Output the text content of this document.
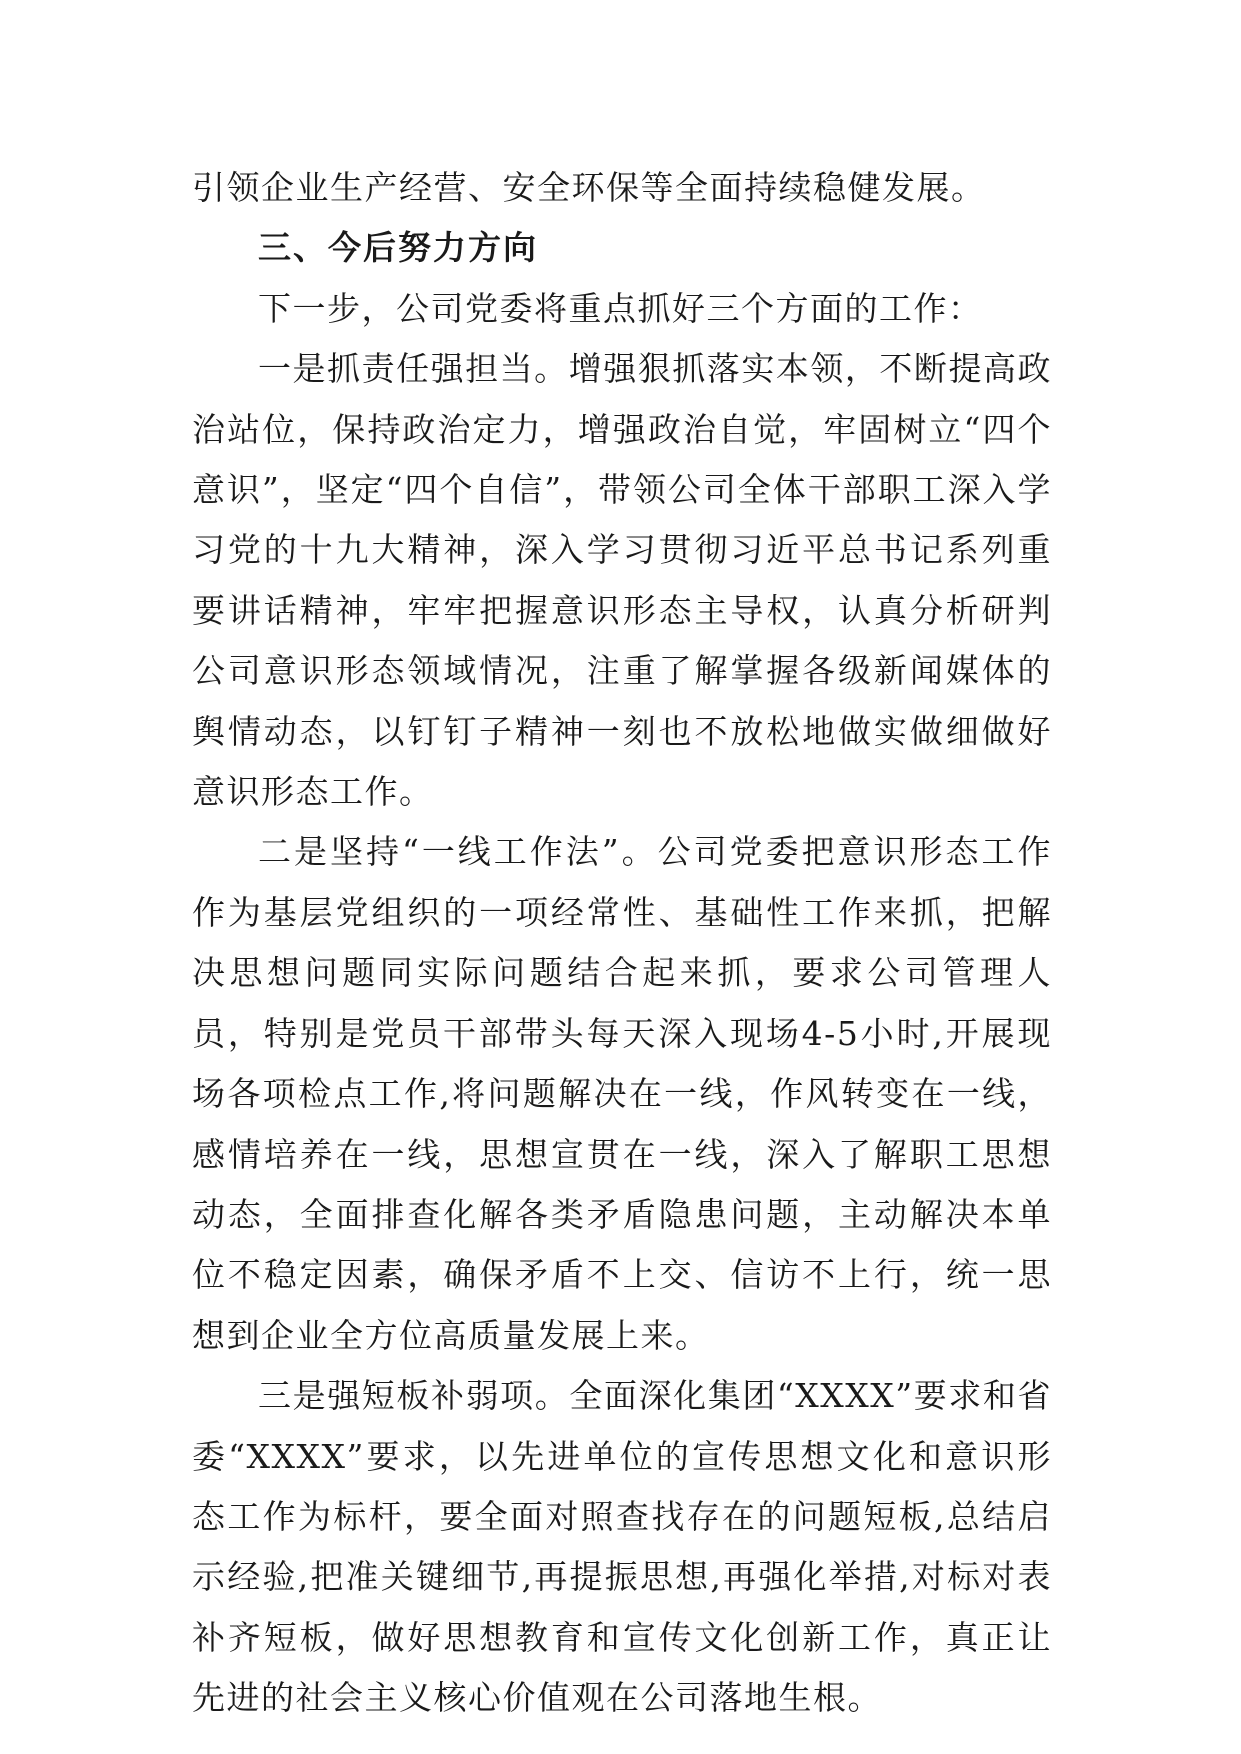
引领企业生产经营、安全环保等全面持续稳健发展。

三、今后努力方向

下一步，公司党委将重点抓好三个方面的工作：

一是抓责任强担当。增强狠抓落实本领，不断提高政治站位，保持政治定力，增强政治自觉，牢固树立“四个意识”，坚定“四个自信”，带领公司全体干部职工深入学习党的十九大精神，深入学习贯彻习近平总书记系列重要讲话精神，牢牢把握意识形态主导权，认真分析研判公司意识形态领域情况，注重了解掌握各级新闻媒体的舆情动态，以钉钉子精神一刻也不放松地做实做细做好意识形态工作。

二是坚持“一线工作法”。公司党委把意识形态工作作为基层党组织的一项经常性、基础性工作来抓，把解决思想问题同实际问题结合起来抓，要求公司管理人员，特别是党员干部带头每天深入现场4-5小时,开展现场各项检点工作,将问题解决在一线，作风转变在一线，感情培养在一线，思想宣贯在一线，深入了解职工思想动态，全面排查化解各类矛盾隐患问题，主动解决本单位不稳定因素，确保矛盾不上交、信访不上行，统一思想到企业全方位高质量发展上来。

三是强短板补弱项。全面深化集团“XXXX”要求和省委“XXXX”要求，以先进单位的宣传思想文化和意识形态工作为标杆，要全面对照查找存在的问题短板,总结启示经验,把准关键细节,再提振思想,再强化举措,对标对表补齐短板，做好思想教育和宣传文化创新工作，真正让先进的社会主义核心价值观在公司落地生根。
